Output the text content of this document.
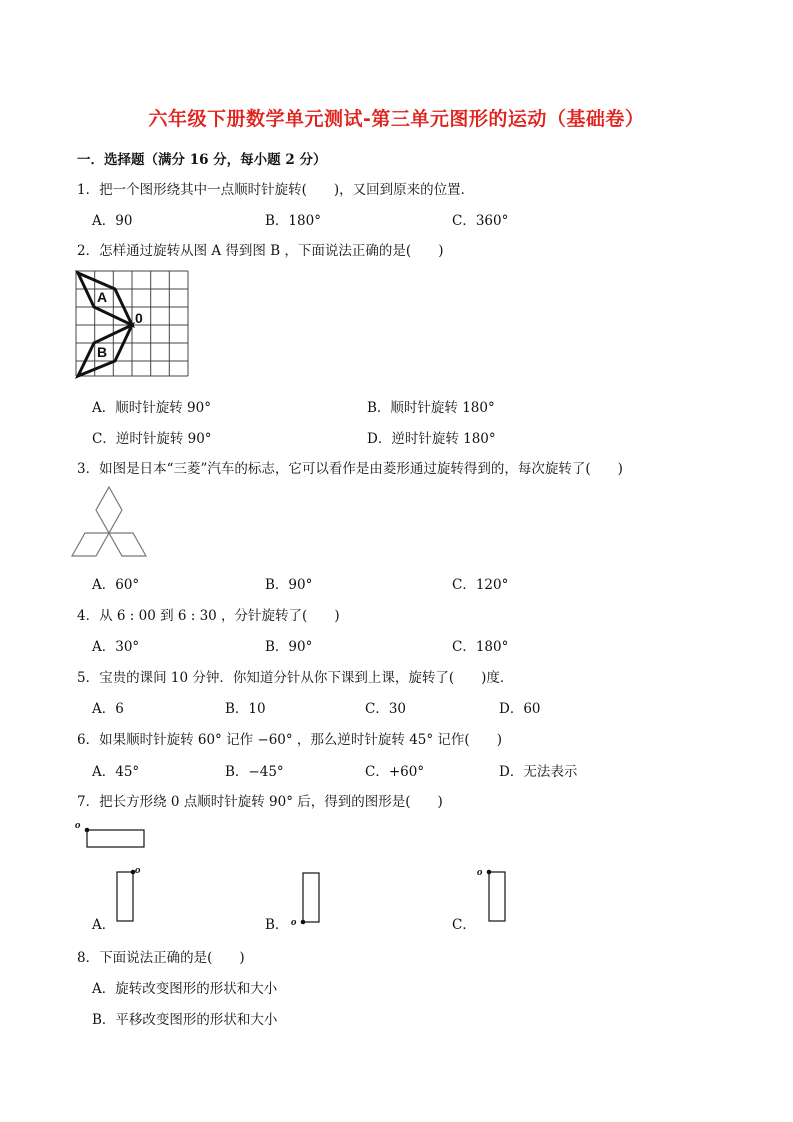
六年级下册数学单元测试-第三单元图形的运动（基础卷）
一．选择题（满分 16 分，每小题 2 分）
1．把一个图形绕其中一点顺时针旋转(　　)，又回到原来的位置．
A．90	B．180°	C．360°
2．怎样通过旋转从图 A 得到图 B ，下面说法正确的是(　　)
A
0
B
A．顺时针旋转 90°	B．顺时针旋转 180°
C．逆时针旋转 90°	D．逆时针旋转 180°
3．如图是日本“三菱”汽车的标志，它可以看作是由菱形通过旋转得到的，每次旋转了(　　)
A．60°	B．90°	C．120°
4．从 6 : 00 到 6 : 30 ，分针旋转了(　　)
A．30°	B．90°	C．180°
5．宝贵的课间 10 分钟．你知道分针从你下课到上课，旋转了(　　)度．
A．6	B．10	C．30	D．60
6．如果顺时针旋转 60° 记作 −60° ，那么逆时针旋转 45° 记作(　　)
A．45°	B．−45°	C．+60°	D．无法表示
7．把长方形绕 0 点顺时针旋转 90° 后，得到的图形是(　　)
o
A．
o
B． o	C．
o
8．下面说法正确的是(　　)
A．旋转改变图形的形状和大小
B．平移改变图形的形状和大小
